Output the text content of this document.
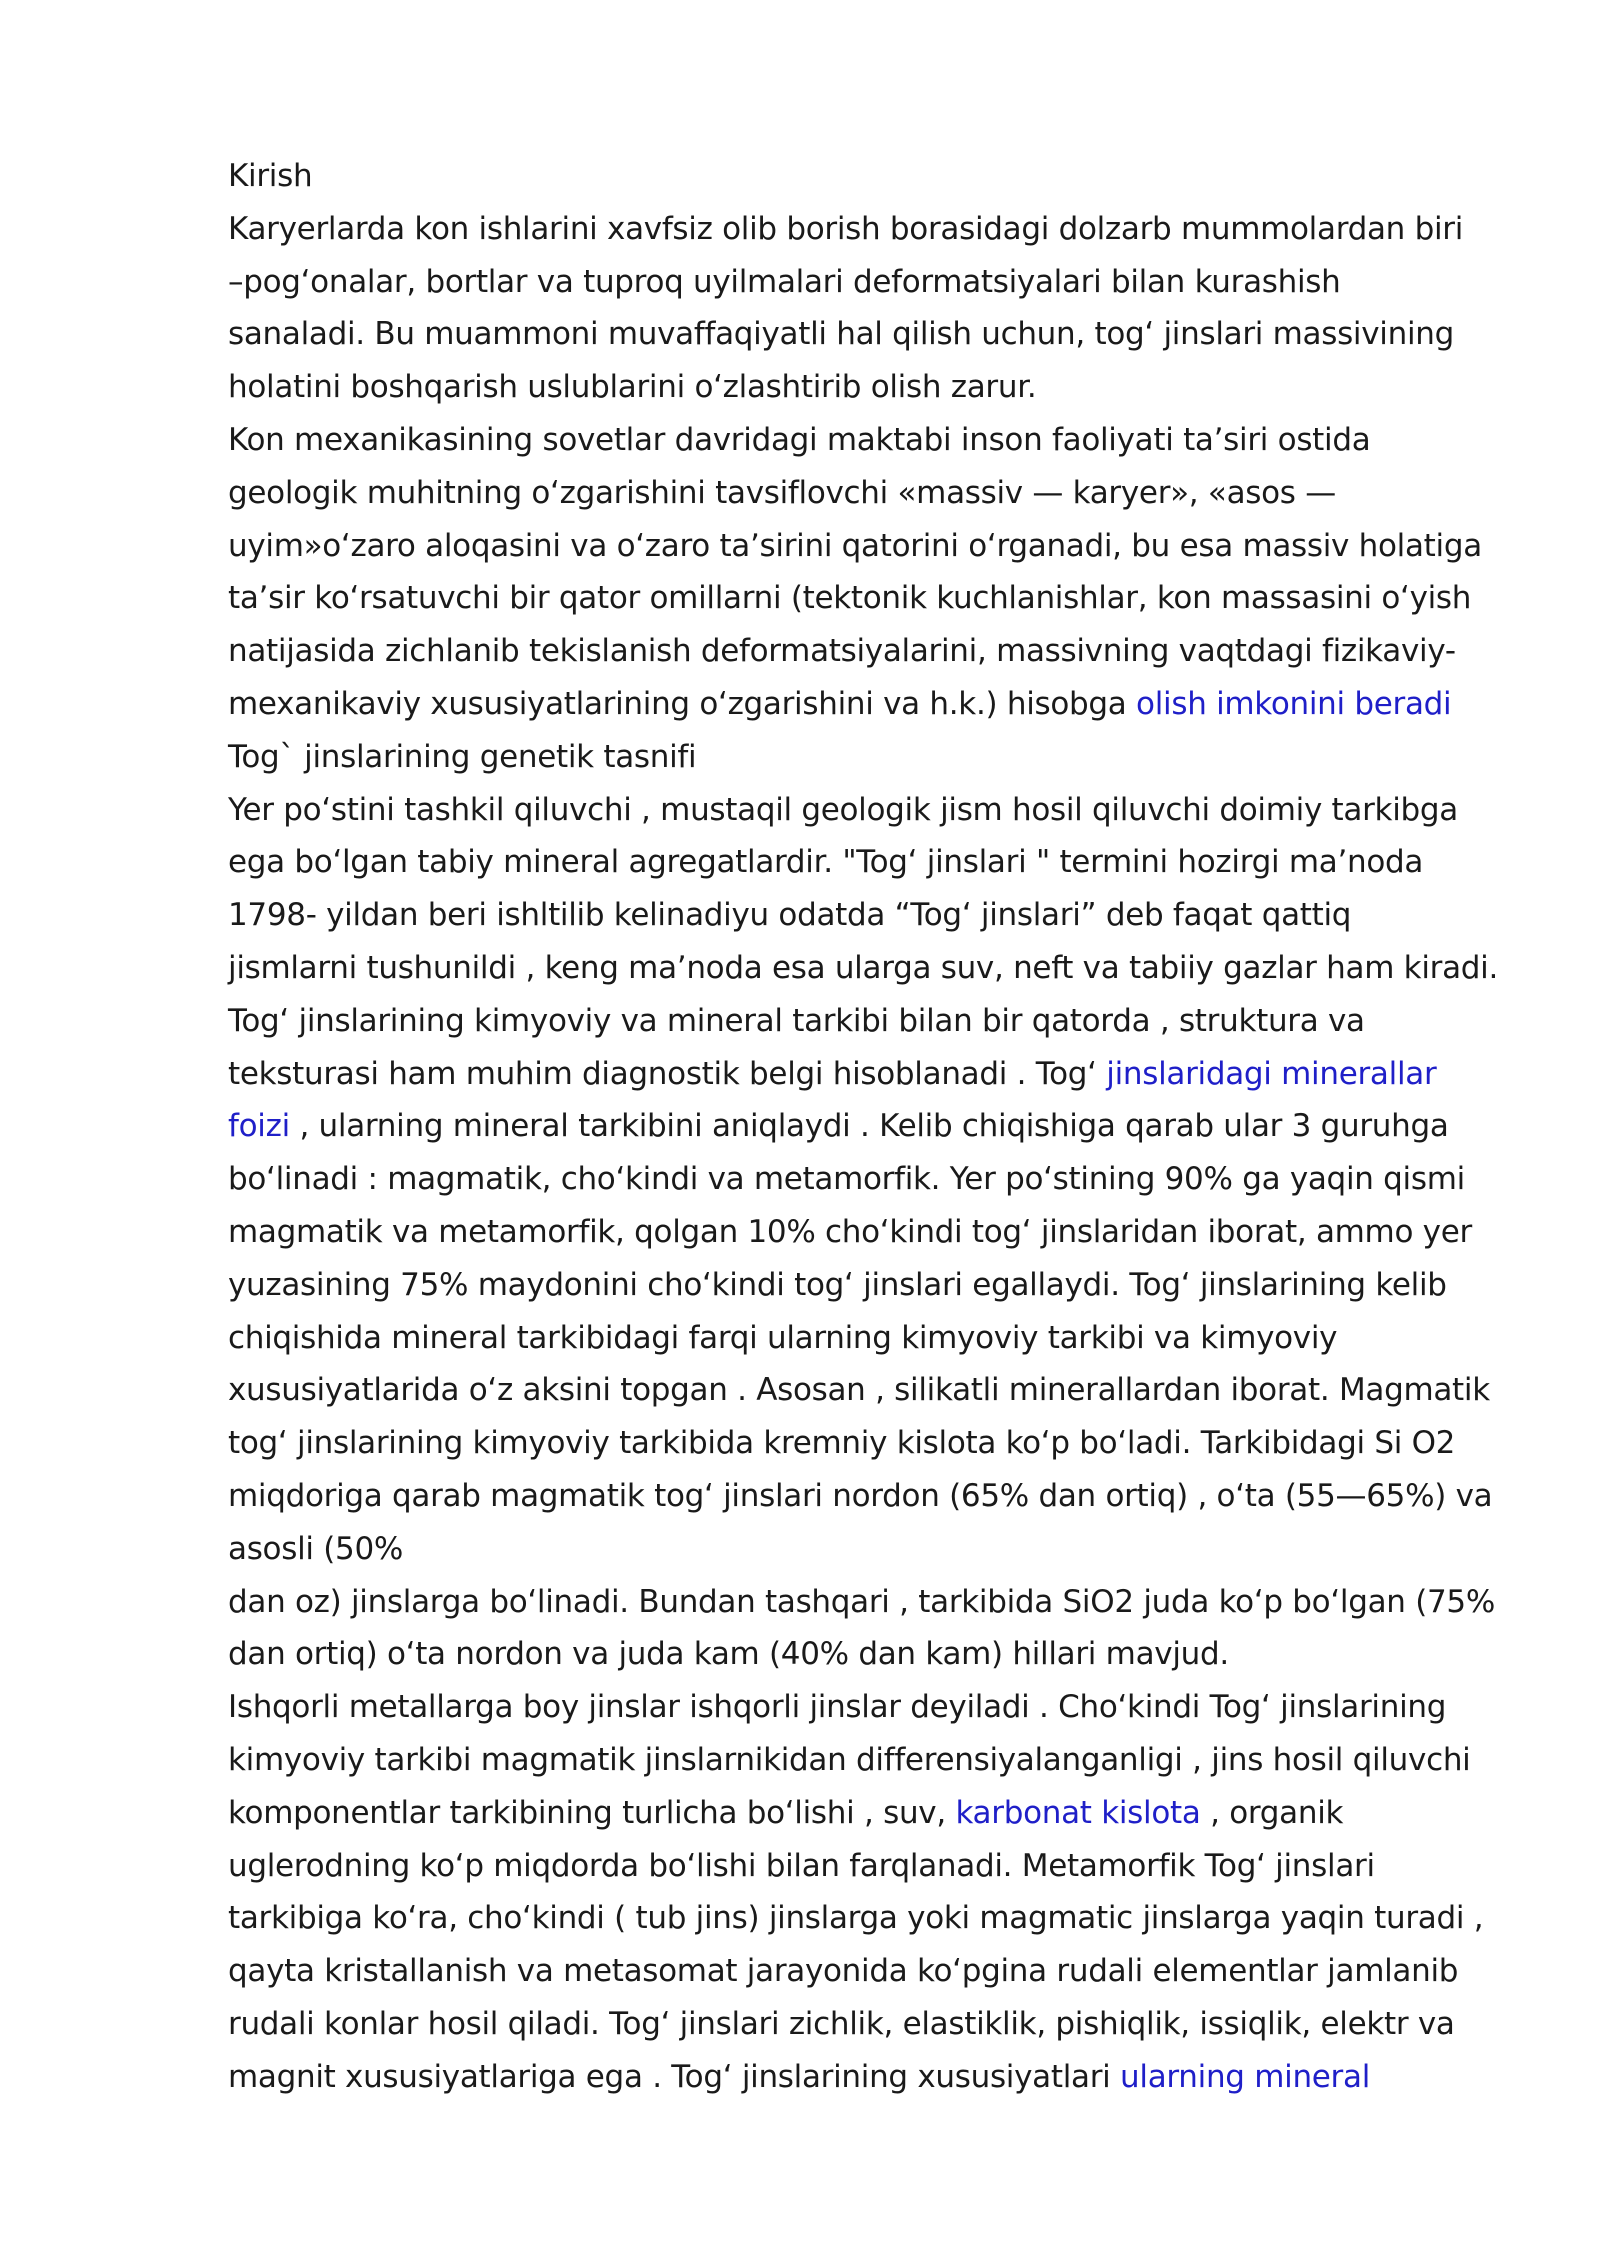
Kirish
Karyerlarda kon ishlarini xavfsiz olib borish borasidagi dolzarb mummolardan biri
–pogʻonalar, bortlar va tuproq uyilmalari deformatsiyalari bilan kurashish
sanaladi. Bu muammoni muvaffaqiyatli hal qilish uchun, togʻ jinslari massivining
holatini boshqarish uslublarini oʻzlashtirib olish zarur.
Kon mexanikasining sovetlar davridagi maktabi inson faoliyati ta’siri ostida
geologik muhitning oʻzgarishini tavsiflovchi «massiv — karyer», «asos —
uyim»oʻzaro aloqasini va oʻzaro ta’sirini qatorini oʻrganadi, bu esa massiv holatiga
ta’sir koʻrsatuvchi bir qator omillarni (tektonik kuchlanishlar, kon massasini oʻyish
natijasida zichlanib tekislanish deformatsiyalarini, massivning vaqtdagi fizikaviy-
mexanikaviy xususiyatlarining oʻzgarishini va h.k.) hisobga olish imkonini beradi
Tog` jinslarining genetik tasnifi
Yer poʻstini tashkil qiluvchi , mustaqil geologik jism hosil qiluvchi doimiy tarkibga
ega boʻlgan tabiy mineral agregatlardir. "Togʻ jinslari " termini hozirgi ma’noda
1798- yildan beri ishltilib kelinadiyu odatda “Togʻ jinslari” deb faqat qattiq
jismlarni tushunildi , keng ma’noda esa ularga suv, neft va tabiiy gazlar ham kiradi.
Togʻ jinslarining kimyoviy va mineral tarkibi bilan bir qatorda , struktura va
teksturasi ham muhim diagnostik belgi hisoblanadi . Togʻ jinslaridagi minerallar
foizi , ularning mineral tarkibini aniqlaydi . Kelib chiqishiga qarab ular 3 guruhga
boʻlinadi : magmatik, choʻkindi va metamorfik. Yer poʻstining 90% ga yaqin qismi
magmatik va metamorfik, qolgan 10% choʻkindi togʻ jinslaridan iborat, ammo yer
yuzasining 75% maydonini choʻkindi togʻ jinslari egallaydi. Togʻ jinslarining kelib
chiqishida mineral tarkibidagi farqi ularning kimyoviy tarkibi va kimyoviy
xususiyatlarida oʻz aksini topgan . Asosan , silikatli minerallardan iborat. Magmatik
togʻ jinslarining kimyoviy tarkibida kremniy kislota koʻp boʻladi. Tarkibidagi Si O2
miqdoriga qarab magmatik togʻ jinslari nordon (65% dan ortiq) , oʻta (55—65%) va
asosli (50%
dan oz) jinslarga boʻlinadi. Bundan tashqari , tarkibida SiO2 juda koʻp boʻlgan (75%
dan ortiq) oʻta nordon va juda kam (40% dan kam) hillari mavjud.
Ishqorli metallarga boy jinslar ishqorli jinslar deyiladi . Choʻkindi Togʻ jinslarining
kimyoviy tarkibi magmatik jinslarnikidan differensiyalanganligi , jins hosil qiluvchi
komponentlar tarkibining turlicha boʻlishi , suv, karbonat kislota , organik
uglerodning koʻp miqdorda boʻlishi bilan farqlanadi. Metamorfik Togʻ jinslari
tarkibiga koʻra, choʻkindi ( tub jins) jinslarga yoki magmatic jinslarga yaqin turadi ,
qayta kristallanish va metasomat jarayonida koʻpgina rudali elementlar jamlanib
rudali konlar hosil qiladi. Togʻ jinslari zichlik, elastiklik, pishiqlik, issiqlik, elektr va
magnit xususiyatlariga ega . Togʻ jinslarining xususiyatlari ularning mineral
